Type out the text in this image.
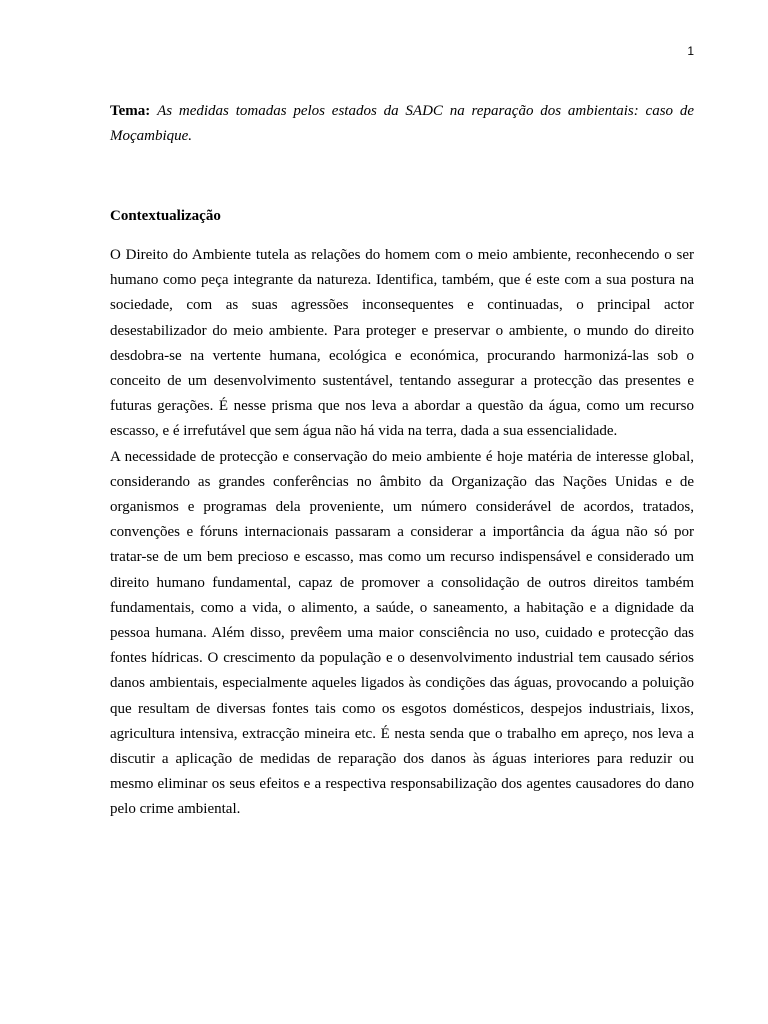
1

Tema: As medidas tomadas pelos estados da SADC na reparação dos ambientais: caso de Moçambique.

Contextualização

O Direito do Ambiente tutela as relações do homem com o meio ambiente, reconhecendo o ser humano como peça integrante da natureza. Identifica, também, que é este com a sua postura na sociedade, com as suas agressões inconsequentes e continuadas, o principal actor desestabilizador do meio ambiente. Para proteger e preservar o ambiente, o mundo do direito desdobra-se na vertente humana, ecológica e económica, procurando harmonizá-las sob o conceito de um desenvolvimento sustentável, tentando assegurar a protecção das presentes e futuras gerações. É nesse prisma que nos leva a abordar a questão da água, como um recurso escasso, e é irrefutável que sem água não há vida na terra, dada a sua essencialidade.

A necessidade de protecção e conservação do meio ambiente é hoje matéria de interesse global, considerando as grandes conferências no âmbito da Organização das Nações Unidas e de organismos e programas dela proveniente, um número considerável de acordos, tratados, convenções e fóruns internacionais passaram a considerar a importância da água não só por tratar-se de um bem precioso e escasso, mas como um recurso indispensável e considerado um direito humano fundamental, capaz de promover a consolidação de outros direitos também fundamentais, como a vida, o alimento, a saúde, o saneamento, a habitação e a dignidade da pessoa humana. Além disso, prevêem uma maior consciência no uso, cuidado e protecção das fontes hídricas. O crescimento da população e o desenvolvimento industrial tem causado sérios danos ambientais, especialmente aqueles ligados às condições das águas, provocando a poluição que resultam de diversas fontes tais como os esgotos domésticos, despejos industriais, lixos, agricultura intensiva, extracção mineira etc. É nesta senda que o trabalho em apreço, nos leva a discutir a aplicação de medidas de reparação dos danos às águas interiores para reduzir ou mesmo eliminar os seus efeitos e a respectiva responsabilização dos agentes causadores do dano pelo crime ambiental.
